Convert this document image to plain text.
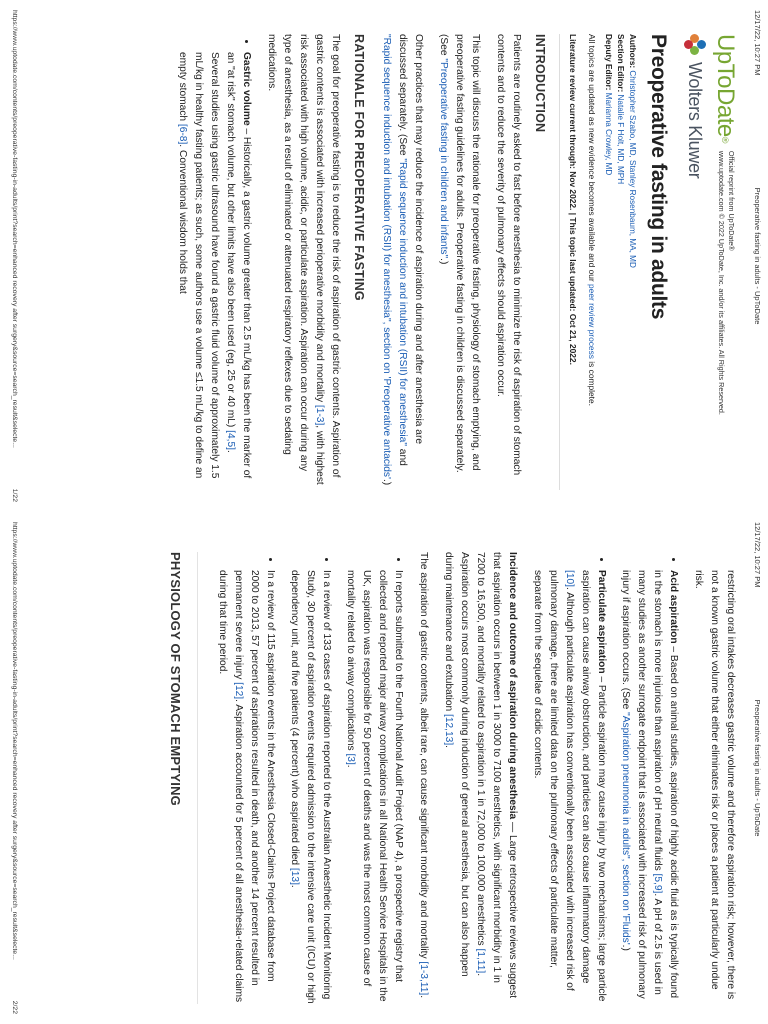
12/17/22, 10:27 PM
Preoperative fasting in adults - UpToDate
UpToDate®
Official reprint from UpToDate®
www.uptodate.com © 2022 UpToDate, Inc. and/or its affiliates. All Rights Reserved.
Wolters Kluwer
Preoperative fasting in adults
Authors: Christopher Szabo, MD, Stanley Rosenbaum, MA, MD
Section Editor: Natalie F Holt, MD, MPH
Deputy Editor: Marianna Crowley, MD
All topics are updated as new evidence becomes available and our peer review process is complete.
Literature review current through: Nov 2022. | This topic last updated: Oct 21, 2022.
INTRODUCTION

Patients are routinely asked to fast before anesthesia to minimize the risk of aspiration of stomach contents and to reduce the severity of pulmonary effects should aspiration occur.

This topic will discuss the rationale for preoperative fasting, physiology of stomach emptying, and preoperative fasting guidelines for adults. Preoperative fasting in children is discussed separately. (See "Preoperative fasting in children and infants".)

Other practices that may reduce the incidence of aspiration during and after anesthesia are discussed separately. (See "Rapid sequence induction and intubation (RSII) for anesthesia" and "Rapid sequence induction and intubation (RSII) for anesthesia", section on 'Preoperative antacids'.)

RATIONALE FOR PREOPERATIVE FASTING

The goal for preoperative fasting is to reduce the risk of aspiration of gastric contents. Aspiration of gastric contents is associated with increased perioperative morbidity and mortality [1-3], with highest risk associated with high volume, acidic, or particulate aspiration. Aspiration can occur during any type of anesthesia, as a result of eliminated or attenuated respiratory reflexes due to sedating medications.

• Gastric volume – Historically, a gastric volume greater than 2.5 mL/kg has been the marker of an "at risk" stomach volume, but other limits have also been used (eg, 25 or 40 mL) [4,5]. Several studies using gastric ultrasound have found a gastric fluid volume of approximately 1.5 mL/kg in healthy fasting patients; as such, some authors use a volume ≤1.5 mL/kg to define an empty stomach [6-8]. Conventional wisdom holds that
https://www.uptodate.com/contents/preoperative-fasting-in-adults/print?search=enhanced recovery after surgery&source=search_result&selecte...
1/22
12/17/22, 10:27 PM
Preoperative fasting in adults - UpToDate

restricting oral intakes decreases gastric volume and therefore aspiration risk; however, there is not a known gastric volume that either eliminates risk or places a patient at particularly undue risk.

• Acid aspiration – Based on animal studies, aspiration of highly acidic fluid as is typically found in the stomach is more injurious than aspiration of pH neutral fluids [5,9]. A pH of 2.5 is used in many studies as another surrogate endpoint that is associated with increased risk of pulmonary injury if aspiration occurs. (See "Aspiration pneumonia in adults", section on 'Fluids'.)
• Particulate aspiration – Particle aspiration may cause injury by two mechanisms; large particle aspiration can cause airway obstruction, and particles can also cause inflammatory damage [10]. Although particulate aspiration has conventionally been associated with increased risk of pulmonary damage, there are limited data on the pulmonary effects of particulate matter, separate from the sequelae of acidic contents.

Incidence and outcome of aspiration during anesthesia — Large retrospective reviews suggest that aspiration occurs in between 1 in 3000 to 7100 anesthetics, with significant morbidity in 1 in 7200 to 16,500, and mortality related to aspiration in 1 in 72,000 to 100,000 anesthetics [1,11]. Aspiration occurs most commonly during induction of general anesthesia, but can also happen during maintenance and extubation [12,13].

The aspiration of gastric contents, albeit rare, can cause significant morbidity and mortality [1-3,11].

• In reports submitted to the Fourth National Audit Project (NAP 4), a prospective registry that collected and reported major airway complications in all National Health Service Hospitals in the UK, aspiration was responsible for 50 percent of deaths and was the most common cause of mortality related to airway complications [3].
• In a review of 133 cases of aspiration reported to the Australian Anaesthetic Incident Monitoring Study, 30 percent of aspiration events required admission to the intensive care unit (ICU) or high dependency unit, and five patients (4 percent) who aspirated died [13].
• In a review of 115 aspiration events in the Anesthesia Closed-Claims Project database from 2000 to 2013, 57 percent of aspirations resulted in death, and another 14 percent resulted in permanent severe injury [12]. Aspiration accounted for 5 percent of all anesthesia-related claims during that time period.
PHYSIOLOGY OF STOMACH EMPTYING
https://www.uptodate.com/contents/preoperative-fasting-in-adults/print?search=enhanced recovery after surgery&source=search_result&selecte...
2/22
